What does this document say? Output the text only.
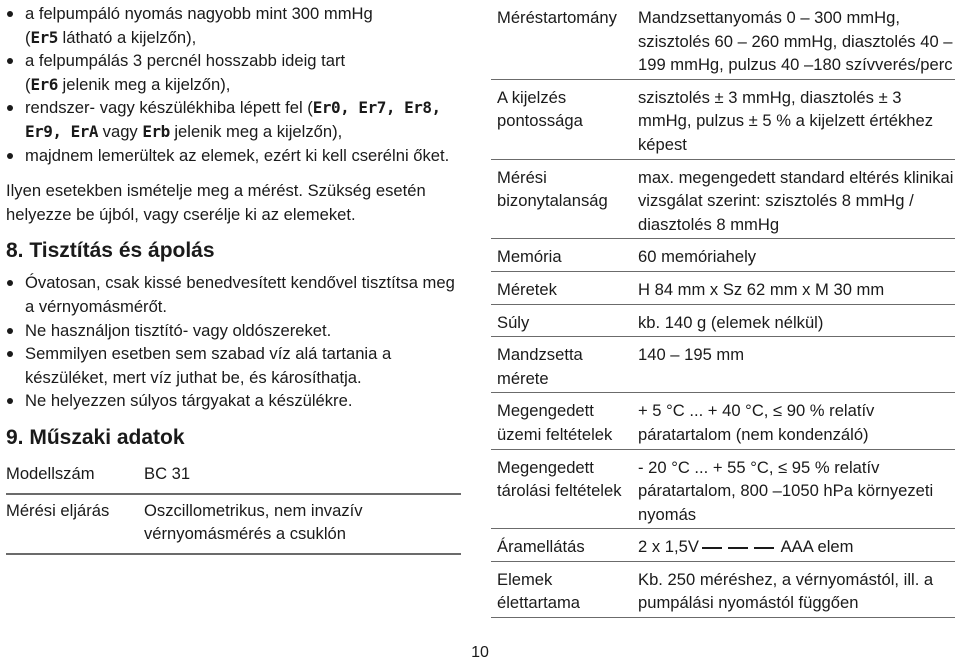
a felpumpáló nyomás nagyobb mint 300 mmHg
(Er5 látható a kijelzőn),
a felpumpálás 3 percnél hosszabb ideig tart
(Er6 jelenik meg a kijelzőn),
rendszer- vagy készülékhiba lépett fel (Er0, Er7, Er8,
Er9, ErA vagy Erb jelenik meg a kijelzőn),
majdnem lemerültek az elemek, ezért ki kell cserélni őket.

Ilyen esetekben ismételje meg a mérést. Szükség esetén helyezze be újból, vagy cserélje ki az elemeket.

8. Tisztítás és ápolás
Óvatosan, csak kissé benedvesített kendővel tisztítsa meg a vérnyomásmérőt.
Ne használjon tisztító- vagy oldószereket.
Semmilyen esetben sem szabad víz alá tartania a készüléket, mert víz juthat be, és károsíthatja.
Ne helyezzen súlyos tárgyakat a készülékre.
9. Műszaki adatok
Modellszám	BC 31
Mérési eljárás	Oszcillometrikus, nem invazív vérnyomásmérés a csuklón
Méréstartomány	Mandzsettanyomás 0 – 300 mmHg, szisztolés 60 – 260 mmHg, diasztolés 40 – 199 mmHg, pulzus 40 –180 szívverés/perc
A kijelzés pontossága	szisztolés ± 3 mmHg, diasztolés ± 3 mmHg, pulzus ± 5 % a kijelzett értékhez képest
Mérési bizonytalanság	max. megengedett standard eltérés klinikai vizsgálat szerint: szisztolés 8 mmHg / diasztolés 8 mmHg
Memória	60 memóriahely
Méretek	H 84 mm x Sz 62 mm x M 30 mm
Súly	kb. 140 g (elemek nélkül)
Mandzsetta mérete	140 – 195 mm
Megengedett üzemi feltételek	+ 5 °C ... + 40 °C, ≤ 90 % relatív páratartalom (nem kondenzáló)
Megengedett tárolási feltételek	- 20 °C ... + 55 °C, ≤ 95 % relatív páratartalom, 800 –1050 hPa környezeti nyomás
Áramellátás	2 x 1,5V AAA elem
Elemek élettartama	Kb. 250 méréshez, a vérnyomástól, ill. a pumpálási nyomástól függően
10
